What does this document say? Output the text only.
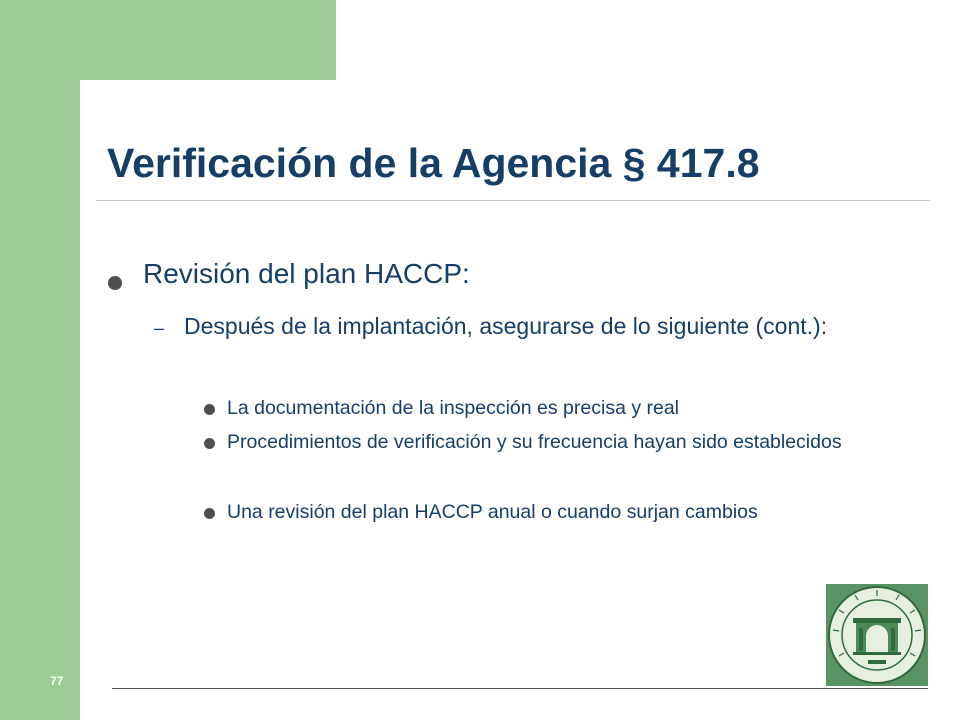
Verificación de la Agencia § 417.8
Revisión del plan HACCP:
– Después de la implantación, asegurarse de lo siguiente (cont.):
La documentación de la inspección es precisa y real
Procedimientos de verificación y su frecuencia hayan sido establecidos
Una revisión del plan HACCP anual o cuando surjan cambios
77
